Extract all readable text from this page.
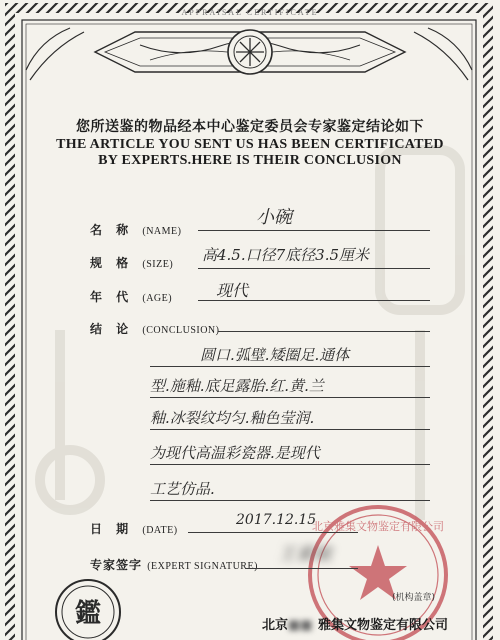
北京雅集文物鉴定有限公司
鑑
APPRAISAL CERTIFICATE
您所送鉴的物品经本中心鉴定委员会专家鉴定结论如下
THE ARTICLE YOU SENT US HAS BEEN CERTIFICATED
BY EXPERTS.HERE IS THEIR CONCLUSION
名 称 (NAME)
小碗
规 格 (SIZE)
高4.5.口径7底径3.5厘米
年 代 (AGE)	现代
结 论 (CONCLUSION)
圆口.弧壁.矮圈足.通体
型.施釉.底足露胎.红.黄.兰
釉.冰裂纹均匀.釉色莹润.
为现代高温彩瓷器.是现代
工艺仿品.
日 期 (DATE)
2017.12.15
专家签字 (EXPERT SIGNATURE)
王素敏
(机构盖章)
北京■■ 雅集文物鉴定有限公司
